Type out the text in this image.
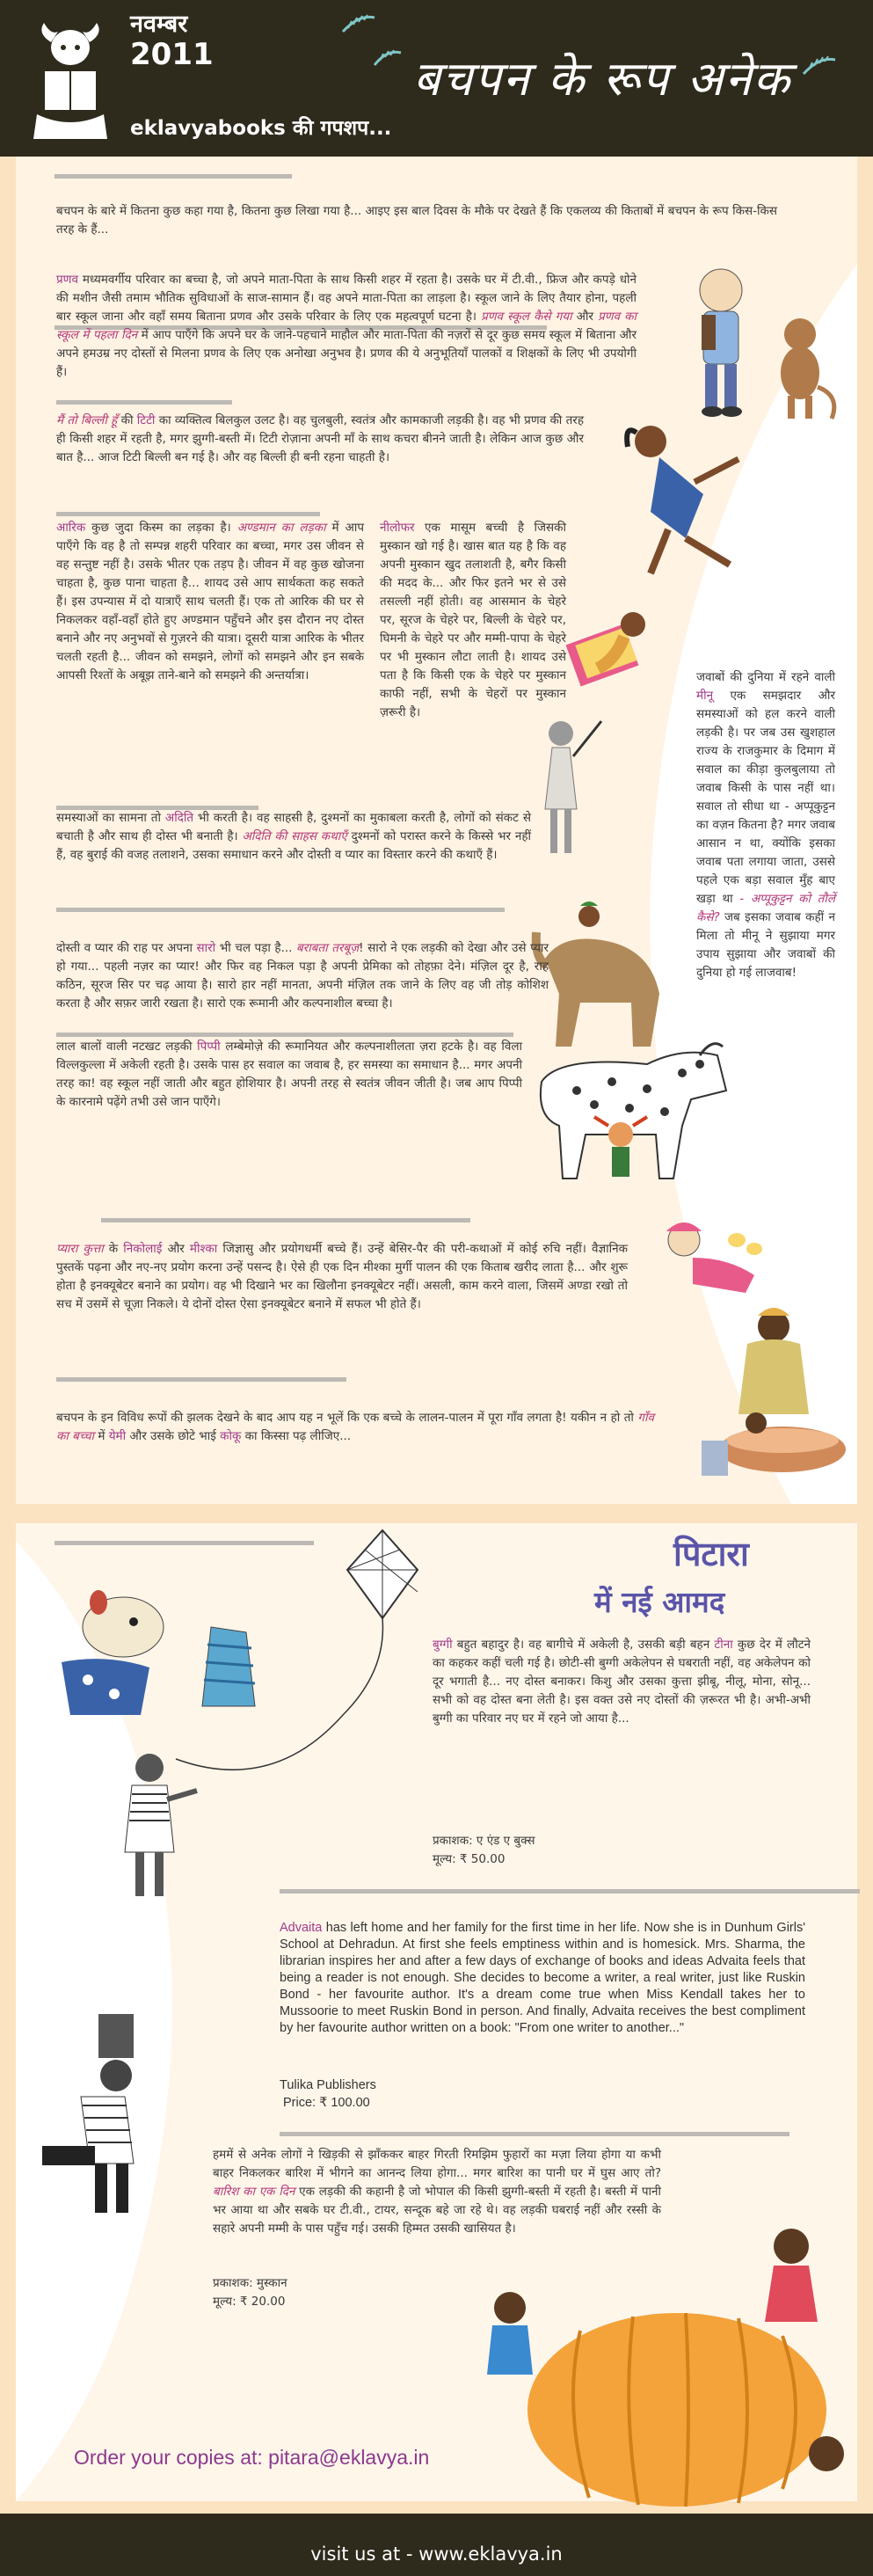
नवम्बर
2011
eklavyabooks की गपशप...
बचपन के रूप अनेक
बचपन के बारे में कितना कुछ कहा गया है, कितना कुछ लिखा गया है... आइए इस बाल दिवस के मौके पर देखते हैं कि एकलव्य की किताबों में बचपन के रूप किस-किस तरह के हैं...
प्रणव मध्यमवर्गीय परिवार का बच्चा है, जो अपने माता-पिता के साथ किसी शहर में रहता है। उसके घर में टी.वी., फ्रिज और कपड़े धोने की मशीन जैसी तमाम भौतिक सुविधाओं के साज-सामान हैं। वह अपने माता-पिता का लाड़ला है। स्कूल जाने के लिए तैयार होना, पहली बार स्कूल जाना और वहाँ समय बिताना प्रणव और उसके परिवार के लिए एक महत्वपूर्ण घटना है। प्रणव स्कूल कैसे गया और प्रणव का स्कूल में पहला दिन में आप पाएँगे कि अपने घर के जाने-पहचाने माहौल और माता-पिता की नज़रों से दूर कुछ समय स्कूल में बिताना और अपने हमउम्र नए दोस्तों से मिलना प्रणव के लिए एक अनोखा अनुभव है। प्रणव की ये अनुभूतियाँ पालकों व शिक्षकों के लिए भी उपयोगी हैं।
मैं तो बिल्ली हूँ की टिटी का व्यक्तित्व बिलकुल उलट है। वह चुलबुली, स्वतंत्र और कामकाजी लड़की है। वह भी प्रणव की तरह ही किसी शहर में रहती है, मगर झुग्गी-बस्ती में। टिटी रोज़ाना अपनी माँ के साथ कचरा बीनने जाती है। लेकिन आज कुछ और बात है... आज टिटी बिल्ली बन गई है। और वह बिल्ली ही बनी रहना चाहती है।
आरिक कुछ जुदा किस्म का लड़का है। अण्डमान का लड़का में आप पाएँगे कि वह है तो सम्पन्न शहरी परिवार का बच्चा, मगर उस जीवन से वह सन्तुष्ट नहीं है। उसके भीतर एक तड़प है। जीवन में वह कुछ खोजना चाहता है, कुछ पाना चाहता है... शायद उसे आप सार्थकता कह सकते हैं। इस उपन्यास में दो यात्राएँ साथ चलती हैं। एक तो आरिक की घर से निकलकर वहाँ-वहाँ होते हुए अण्डमान पहुँचने और इस दौरान नए दोस्त बनाने और नए अनुभवों से गुज़रने की यात्रा। दूसरी यात्रा आरिक के भीतर चलती रहती है... जीवन को समझने, लोगों को समझने और इन सबके आपसी रिश्तों के अबूझ ताने-बाने को समझने की अन्तर्यात्रा।
नीलोफर एक मासूम बच्ची है जिसकी मुस्कान खो गई है। खास बात यह है कि वह अपनी मुस्कान खुद तलाशती है, बगैर किसी की मदद के... और फिर इतने भर से उसे तसल्ली नहीं होती। वह आसमान के चेहरे पर, सूरज के चेहरे पर, बिल्ली के चेहरे पर, घिमनी के चेहरे पर और मम्मी-पापा के चेहरे पर भी मुस्कान लौटा लाती है। शायद उसे पता है कि किसी एक के चेहरे पर मुस्कान काफी नहीं, सभी के चेहरों पर मुस्कान ज़रूरी है।
जवाबों की दुनिया में रहने वाली मीनू एक समझदार और समस्याओं को हल करने वाली लड़की है। पर जब उस खुशहाल राज्य के राजकुमार के दिमाग में सवाल का कीड़ा कुलबुलाया तो जवाब किसी के पास नहीं था। सवाल तो सीधा था - अप्पूकुट्टन का वज़न कितना है? मगर जवाब आसान न था, क्योंकि इसका जवाब पता लगाया जाता, उससे पहले एक बड़ा सवाल मुँह बाए खड़ा था - अप्पूकुट्टन को तौलें कैसे? जब इसका जवाब कहीं न मिला तो मीनू ने सुझाया मगर उपाय सुझाया और जवाबों की दुनिया हो गई लाजवाब!
समस्याओं का सामना तो अदिति भी करती है। वह साहसी है, दुश्मनों का मुकाबला करती है, लोगों को संकट से बचाती है और साथ ही दोस्त भी बनाती है। अदिति की साहस कथाएँ दुश्मनों को परास्त करने के किस्से भर नहीं हैं, वह बुराई की वजह तलाशने, उसका समाधान करने और दोस्ती व प्यार का विस्तार करने की कथाएँ हैं।
दोस्ती व प्यार की राह पर अपना सारो भी चल पड़ा है... बराबता तरबूज़! सारो ने एक लड़की को देखा और उसे प्यार हो गया... पहली नज़र का प्यार! और फिर वह निकल पड़ा है अपनी प्रेमिका को तोहफ़ा देने। मंज़िल दूर है, राह कठिन, सूरज सिर पर चढ़ आया है। सारो हार नहीं मानता, अपनी मंज़िल तक जाने के लिए वह जी तोड़ कोशिश करता है और सफ़र जारी रखता है। सारो एक रूमानी और कल्पनाशील बच्चा है।
लाल बालों वाली नटखट लड़की पिप्पी लम्बेमोज़े की रूमानियत और कल्पनाशीलता ज़रा हटके है। वह विला विल्लकुल्ला में अकेली रहती है। उसके पास हर सवाल का जवाब है, हर समस्या का समाधान है... मगर अपनी तरह का! वह स्कूल नहीं जाती और बहुत होशियार है। अपनी तरह से स्वतंत्र जीवन जीती है। जब आप पिप्पी के कारनामे पढ़ेंगे तभी उसे जान पाएँगे।
प्यारा कुत्ता के निकोलाई और मीश्का जिज्ञासु और प्रयोगधर्मी बच्चे हैं। उन्हें बेसिर-पैर की परी-कथाओं में कोई रुचि नहीं। वैज्ञानिक पुस्तकें पढ़ना और नए-नए प्रयोग करना उन्हें पसन्द है। ऐसे ही एक दिन मीश्का मुर्गी पालन की एक किताब खरीद लाता है... और शुरू होता है इनक्यूबेटर बनाने का प्रयोग। वह भी दिखाने भर का खिलौना इनक्यूबेटर नहीं। असली, काम करने वाला, जिसमें अण्डा रखो तो सच में उसमें से चूज़ा निकले। ये दोनों दोस्त ऐसा इनक्यूबेटर बनाने में सफल भी होते हैं।
बचपन के इन विविध रूपों की झलक देखने के बाद आप यह न भूलें कि एक बच्चे के लालन-पालन में पूरा गाँव लगता है! यकीन न हो तो गाँव का बच्चा में येमी और उसके छोटे भाई कोकू का किस्सा पढ़ लीजिए...
पिटारा
में नई आमद
बुग्गी बहुत बहादुर है। वह बागीचे में अकेली है, उसकी बड़ी बहन टीना कुछ देर में लौटने का कहकर कहीं चली गई है। छोटी-सी बुग्गी अकेलेपन से घबराती नहीं, वह अकेलेपन को दूर भगाती है... नए दोस्त बनाकर। किशु और उसका कुत्ता झीबू, नीलू, मोना, सोनू... सभी को वह दोस्त बना लेती है। इस वक्त उसे नए दोस्तों की ज़रूरत भी है। अभी-अभी बुग्गी का परिवार नए घर में रहने जो आया है...
प्रकाशक: ए एंड ए बुक्स
मूल्य: ₹ 50.00
Advaita has left home and her family for the first time in her life. Now she is in Dunhum Girls' School at Dehradun. At first she feels emptiness within and is homesick. Mrs. Sharma, the librarian inspires her and after a few days of exchange of books and ideas Advaita feels that being a reader is not enough. She decides to become a writer, a real writer, just like Ruskin Bond - her favourite author. It's a dream come true when Miss Kendall takes her to Mussoorie to meet Ruskin Bond in person. And finally, Advaita receives the best compliment by her favourite author written on a book: "From one writer to another..."
Tulika Publishers
Price: ₹ 100.00
हममें से अनेक लोगों ने खिड़की से झाँककर बाहर गिरती रिमझिम फुहारों का मज़ा लिया होगा या कभी बाहर निकलकर बारिश में भीगने का आनन्द लिया होगा... मगर बारिश का पानी घर में घुस आए तो? बारिश का एक दिन एक लड़की की कहानी है जो भोपाल की किसी झुग्गी-बस्ती में रहती है। बस्ती में पानी भर आया था और सबके घर टी.वी., टायर, सन्दूक बहे जा रहे थे। वह लड़की घबराई नहीं और रस्सी के सहारे अपनी मम्मी के पास पहुँच गई। उसकी हिम्मत उसकी खासियत है।
प्रकाशक: मुस्कान
मूल्य: ₹ 20.00
Order your copies at: pitara@eklavya.in
visit us at - www.eklavya.in
